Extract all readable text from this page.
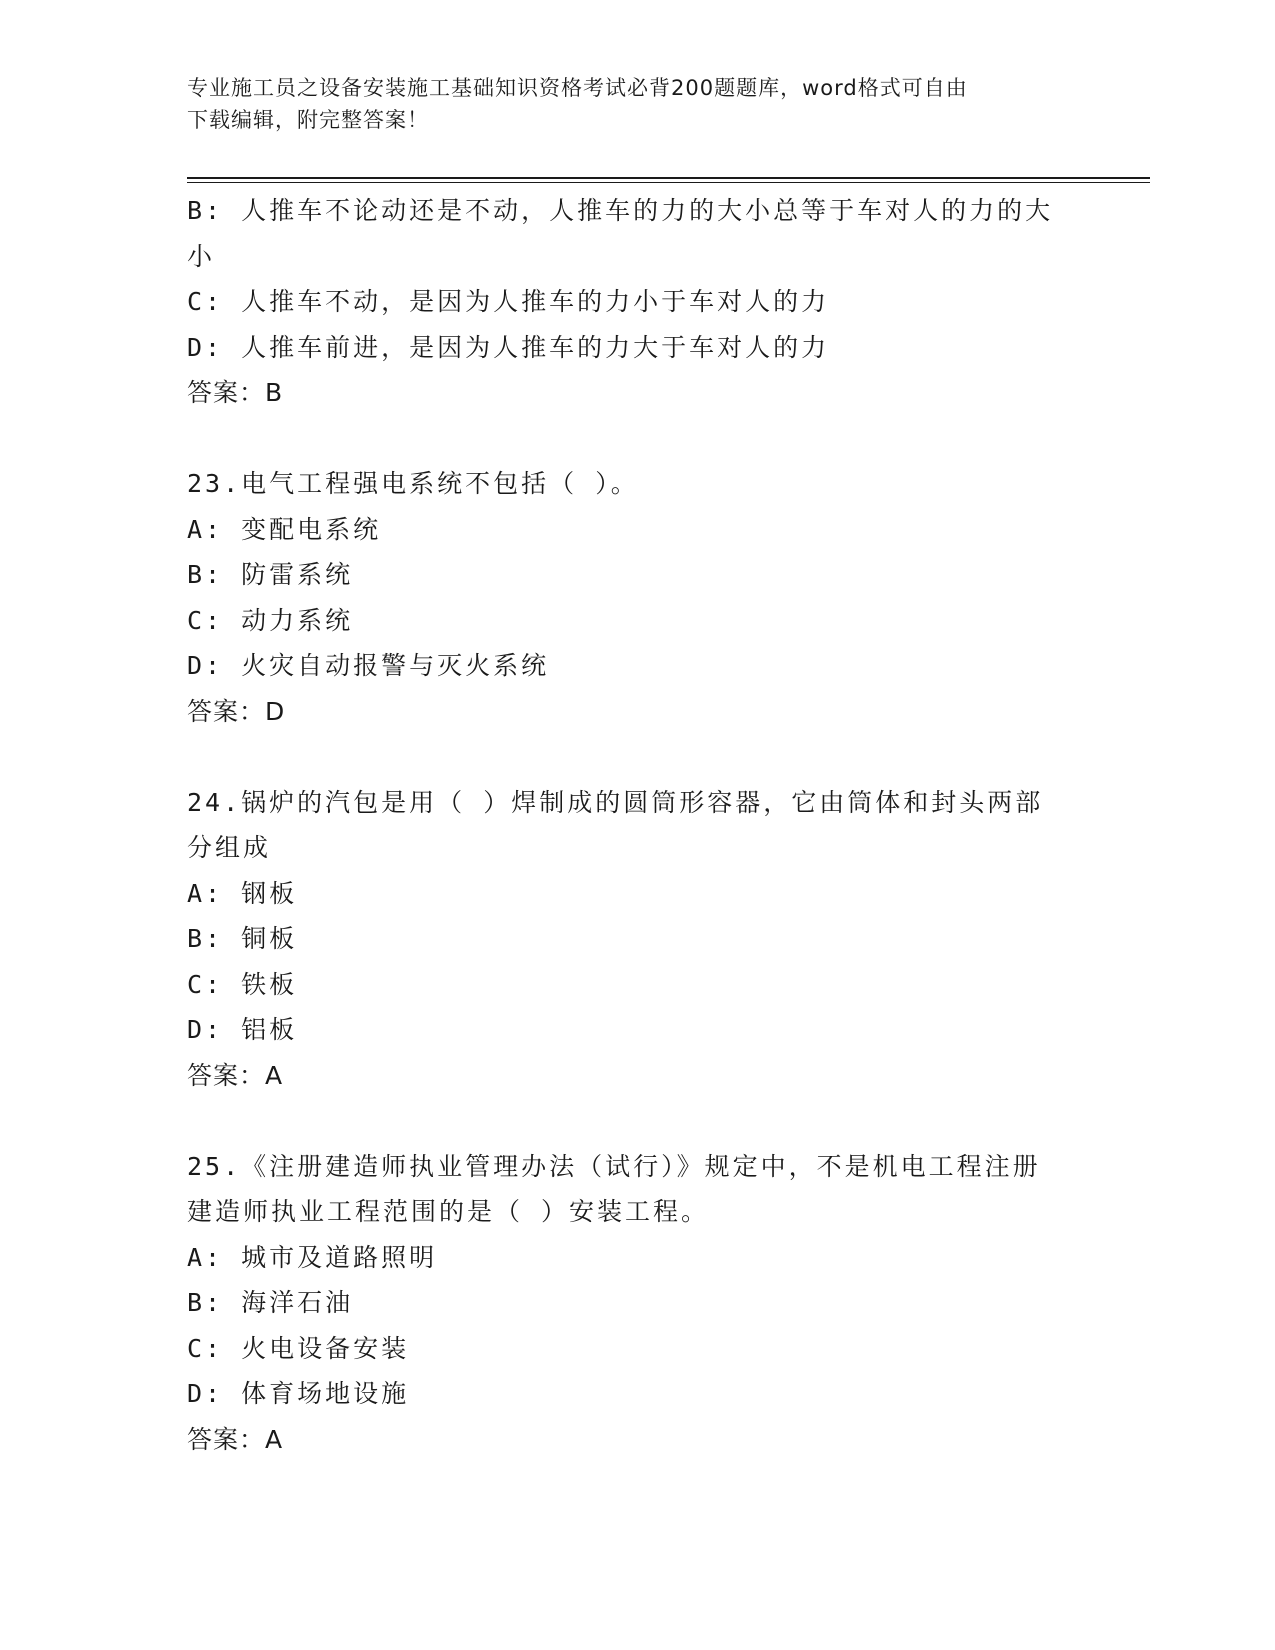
专业施工员之设备安装施工基础知识资格考试必背200题题库，word格式可自由
下载编辑，附完整答案！
B: 人推车不论动还是不动，人推车的力的大小总等于车对人的力的大
小
C: 人推车不动，是因为人推车的力小于车对人的力
D: 人推车前进，是因为人推车的力大于车对人的力
答案：B
23.电气工程强电系统不包括（ ）。
A: 变配电系统
B: 防雷系统
C: 动力系统
D: 火灾自动报警与灭火系统
答案：D
24.锅炉的汽包是用（ ）焊制成的圆筒形容器，它由筒体和封头两部
分组成
A: 钢板
B: 铜板
C: 铁板
D: 铝板
答案：A
25.《注册建造师执业管理办法（试行）》规定中，不是机电工程注册
建造师执业工程范围的是（ ）安装工程。
A: 城市及道路照明
B: 海洋石油
C: 火电设备安装
D: 体育场地设施
答案：A
